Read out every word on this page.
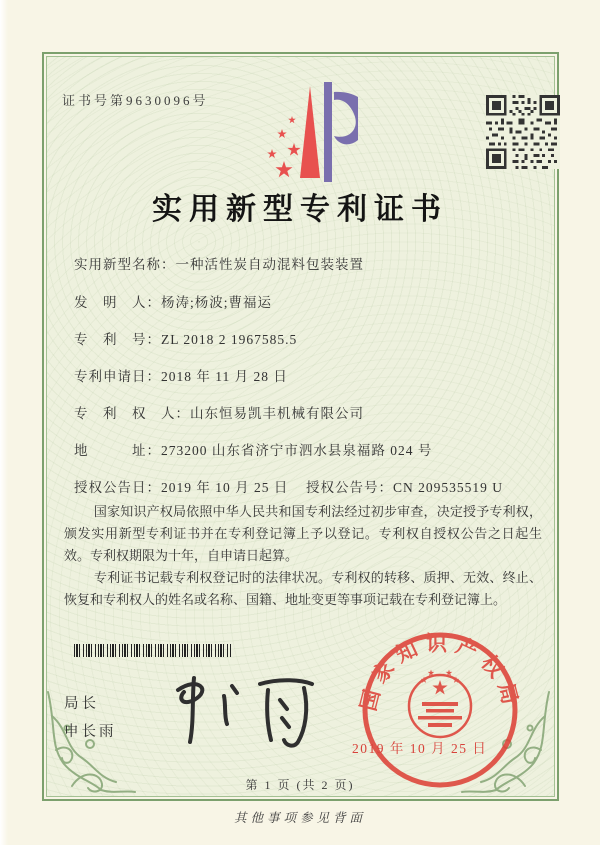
证书号第9630096号
实用新型专利证书
实用新型名称：一种活性炭自动混料包装装置
发　明　人：杨涛;杨波;曹福运
专　利　号：ZL 2018 2 1967585.5
专利申请日：2018 年 11 月 28 日
专　利　权　人：山东恒易凯丰机械有限公司
地　　　址：273200 山东省济宁市泗水县泉福路 024 号
授权公告日：2019 年 10 月 25 日 授权公告号：CN 209535519 U

国家知识产权局依照中华人民共和国专利法经过初步审查，决定授予专利权，颁发实用新型专利证书并在专利登记簿上予以登记。专利权自授权公告之日起生效。专利权期限为十年，自申请日起算。

专利证书记载专利权登记时的法律状况。专利权的转移、质押、无效、终止、恢复和专利权人的姓名或名称、国籍、地址变更等事项记载在专利登记簿上。

局长
申长雨
国家知识产权局
2019 年 10 月 25 日
第 1 页 (共 2 页)
其他事项参见背面
